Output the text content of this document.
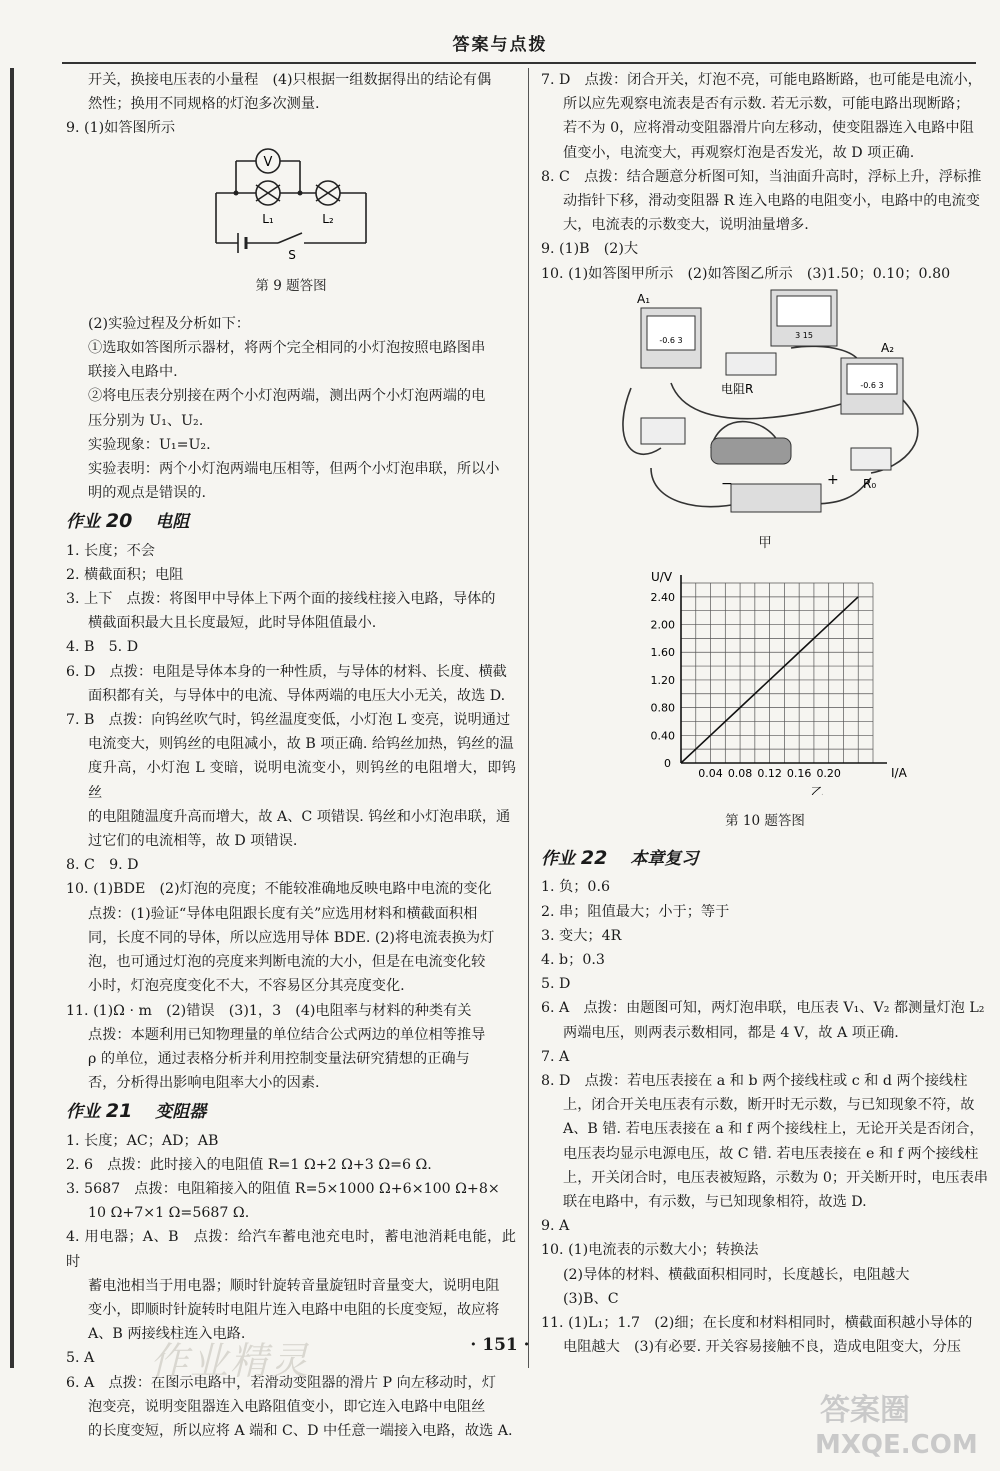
答案与点拨

开关，换接电压表的小量程　(4)只根据一组数据得出的结论有偶

然性；换用不同规格的灯泡多次测量.

9. (1)如答图所示

V
L₁	L₂
S

第 9 题答图

(2)实验过程及分析如下：

①选取如答图所示器材，将两个完全相同的小灯泡按照电路图串

联接入电路中.

②将电压表分别接在两个小灯泡两端，测出两个小灯泡两端的电

压分别为 U₁、U₂.

实验现象：U₁=U₂.

实验表明：两个小灯泡两端电压相等，但两个小灯泡串联，所以小

明的观点是错误的.

作业 20　 电阻

1. 长度；不会

2. 横截面积；电阻

3. 上下　点拨：将图甲中导体上下两个面的接线柱接入电路，导体的

横截面积最大且长度最短，此时导体阻值最小.

4. B　5. D

6. D　点拨：电阻是导体本身的一种性质，与导体的材料、长度、横截

面积都有关，与导体中的电流、导体两端的电压大小无关，故选 D.

7. B　点拨：向钨丝吹气时，钨丝温度变低，小灯泡 L 变亮，说明通过

电流变大，则钨丝的电阻减小，故 B 项正确. 给钨丝加热，钨丝的温

度升高，小灯泡 L 变暗，说明电流变小，则钨丝的电阻增大，即钨丝

的电阻随温度升高而增大，故 A、C 项错误. 钨丝和小灯泡串联，通

过它们的电流相等，故 D 项错误.

8. C　9. D

10. (1)BDE　(2)灯泡的亮度；不能较准确地反映电路中电流的变化

点拨：(1)验证“导体电阻跟长度有关”应选用材料和横截面积相

同，长度不同的导体，所以应选用导体 BDE. (2)将电流表换为灯

泡，也可通过灯泡的亮度来判断电流的大小，但是在电流变化较

小时，灯泡亮度变化不大，不容易区分其亮度变化.

11. (1)Ω · m　(2)错误　(3)1，3　(4)电阻率与材料的种类有关

点拨：本题利用已知物理量的单位结合公式两边的单位相等推导

ρ 的单位，通过表格分析并利用控制变量法研究猜想的正确与

否，分析得出影响电阻率大小的因素.

作业 21　 变阻器

1. 长度；AC；AD；AB

2. 6　点拨：此时接入的电阻值 R=1 Ω+2 Ω+3 Ω=6 Ω.

3. 5687　点拨：电阻箱接入的阻值 R=5×1000 Ω+6×100 Ω+8×

10 Ω+7×1 Ω=5687 Ω.

4. 用电器；A、B　点拨：给汽车蓄电池充电时，蓄电池消耗电能，此时

蓄电池相当于用电器；顺时针旋转音量旋钮时音量变大，说明电阻

变小，即顺时针旋转时电阻片连入电路中电阻的长度变短，故应将

A、B 两接线柱连入电路.

5. A

6. A　点拨：在图示电路中，若滑动变阻器的滑片 P 向左移动时，灯

泡变亮，说明变阻器连入电路阻值变小，即它连入电路中电阻丝

的长度变短，所以应将 A 端和 C、D 中任意一端接入电路，故选 A.

7. D　点拨：闭合开关，灯泡不亮，可能电路断路，也可能是电流小，

所以应先观察电流表是否有示数. 若无示数，可能电路出现断路；

若不为 0，应将滑动变阻器滑片向左移动，使变阻器连入电路中阻

值变小，电流变大，再观察灯泡是否发光，故 D 项正确.

8. C　点拨：结合题意分析图可知，当油面升高时，浮标上升，浮标推

动指针下移，滑动变阻器 R 连入电路的电阻变小，电路中的电流变

大，电流表的示数变大，说明油量增多.

9. (1)B　(2)大

10. (1)如答图甲所示　(2)如答图乙所示　(3)1.50；0.10；0.80

-0.6 3
A₁
3 15
-0.6 3
A₂
电阻R
R₀
−	+

甲

U/V
I/A
0
0.04 0.08 0.12 0.16 0.20
0.40
0.80
1.20
1.60
2.00
2.40
乙

第 10 题答图

作业 22　 本章复习

1. 负；0.6

2. 串；阻值最大；小于；等于

3. 变大；4R

4. b；0.3

5. D

6. A　点拨：由题图可知，两灯泡串联，电压表 V₁、V₂ 都测量灯泡 L₂

两端电压，则两表示数相同，都是 4 V，故 A 项正确.

7. A

8. D　点拨：若电压表接在 a 和 b 两个接线柱或 c 和 d 两个接线柱

上，闭合开关电压表有示数，断开时无示数，与已知现象不符，故

A、B 错. 若电压表接在 a 和 f 两个接线柱上，无论开关是否闭合，

电压表均显示电源电压，故 C 错. 若电压表接在 e 和 f 两个接线柱

上，开关闭合时，电压表被短路，示数为 0；开关断开时，电压表串

联在电路中，有示数，与已知现象相符，故选 D.

9. A

10. (1)电流表的示数大小；转换法

(2)导体的材料、横截面积相同时，长度越长，电阻越大

(3)B、C

11. (1)L₁；1.7　(2)细；在长度和材料相同时，横截面积越小导体的

电阻越大　(3)有必要. 开关容易接触不良，造成电阻变大，分压

· 151 ·
作业精灵
答案圈
MXQE.COM
